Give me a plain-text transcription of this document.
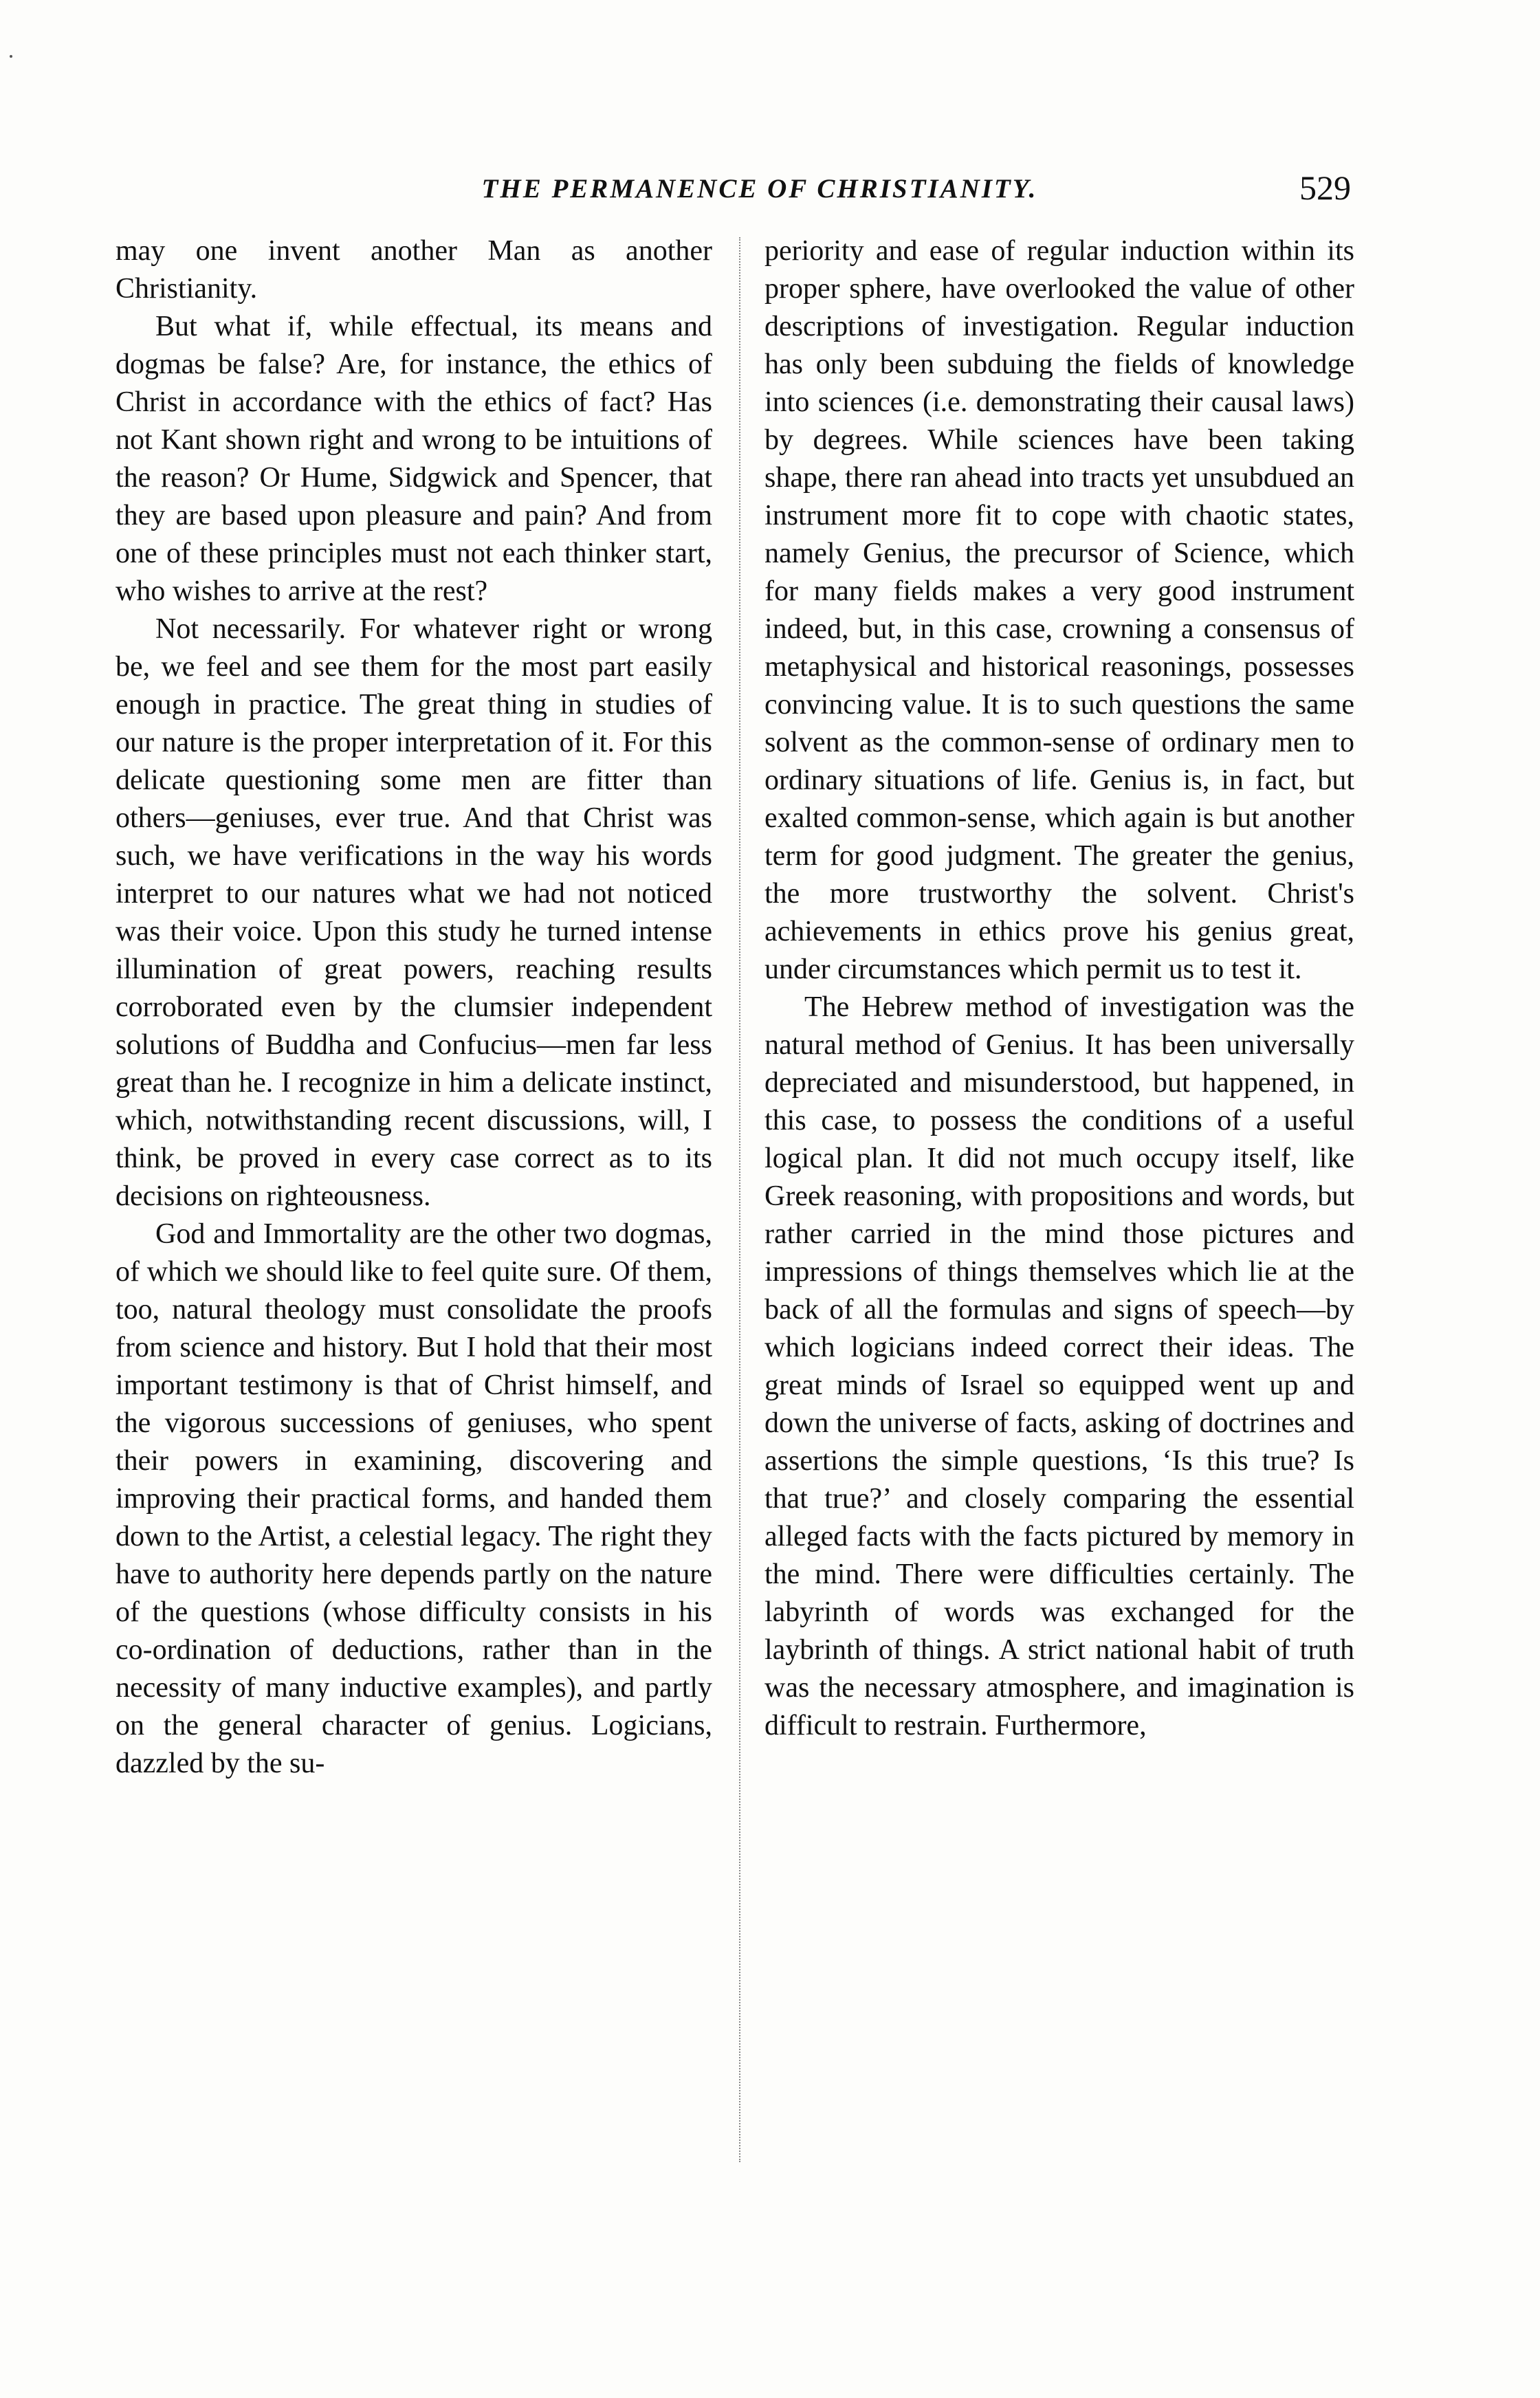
THE PERMANENCE OF CHRISTIANITY.	529

may one invent another Man as another Christianity.

But what if, while effectual, its means and dogmas be false? Are, for instance, the ethics of Christ in accordance with the ethics of fact? Has not Kant shown right and wrong to be intuitions of the reason? Or Hume, Sidgwick and Spencer, that they are based upon pleasure and pain? And from one of these principles must not each thinker start, who wishes to arrive at the rest?

Not necessarily. For whatever right or wrong be, we feel and see them for the most part easily enough in practice. The great thing in studies of our nature is the proper interpretation of it. For this delicate questioning some men are fitter than others—geniuses, ever true. And that Christ was such, we have verifications in the way his words interpret to our natures what we had not noticed was their voice. Upon this study he turned intense illumination of great powers, reaching results corroborated even by the clumsier independent solutions of Buddha and Confucius—men far less great than he. I recognize in him a delicate instinct, which, notwithstanding recent discussions, will, I think, be proved in every case correct as to its decisions on righteousness.

God and Immortality are the other two dogmas, of which we should like to feel quite sure. Of them, too, natural theology must consolidate the proofs from science and history. But I hold that their most important testimony is that of Christ himself, and the vigorous successions of geniuses, who spent their powers in examining, discovering and improving their practical forms, and handed them down to the Artist, a celestial legacy. The right they have to authority here depends partly on the nature of the questions (whose difficulty consists in his co-ordination of deductions, rather than in the necessity of many inductive examples), and partly on the general character of genius. Logicians, dazzled by the su-

periority and ease of regular induction within its proper sphere, have overlooked the value of other descriptions of investigation. Regular induction has only been subduing the fields of knowledge into sciences (i.e. demonstrating their causal laws) by degrees. While sciences have been taking shape, there ran ahead into tracts yet unsubdued an instrument more fit to cope with chaotic states, namely Genius, the precursor of Science, which for many fields makes a very good instrument indeed, but, in this case, crowning a consensus of metaphysical and historical reasonings, possesses convincing value. It is to such questions the same solvent as the common-sense of ordinary men to ordinary situations of life. Genius is, in fact, but exalted common-sense, which again is but another term for good judgment. The greater the genius, the more trustworthy the solvent. Christ's achievements in ethics prove his genius great, under circumstances which permit us to test it.

The Hebrew method of investigation was the natural method of Genius. It has been universally depreciated and misunderstood, but happened, in this case, to possess the conditions of a useful logical plan. It did not much occupy itself, like Greek reasoning, with propositions and words, but rather carried in the mind those pictures and impressions of things themselves which lie at the back of all the formulas and signs of speech—by which logicians indeed correct their ideas. The great minds of Israel so equipped went up and down the universe of facts, asking of doctrines and assertions the simple questions, ‘Is this true? Is that true?’ and closely comparing the essential alleged facts with the facts pictured by memory in the mind. There were difficulties certainly. The labyrinth of words was exchanged for the laybrinth of things. A strict national habit of truth was the necessary atmosphere, and imagination is difficult to restrain. Furthermore,
